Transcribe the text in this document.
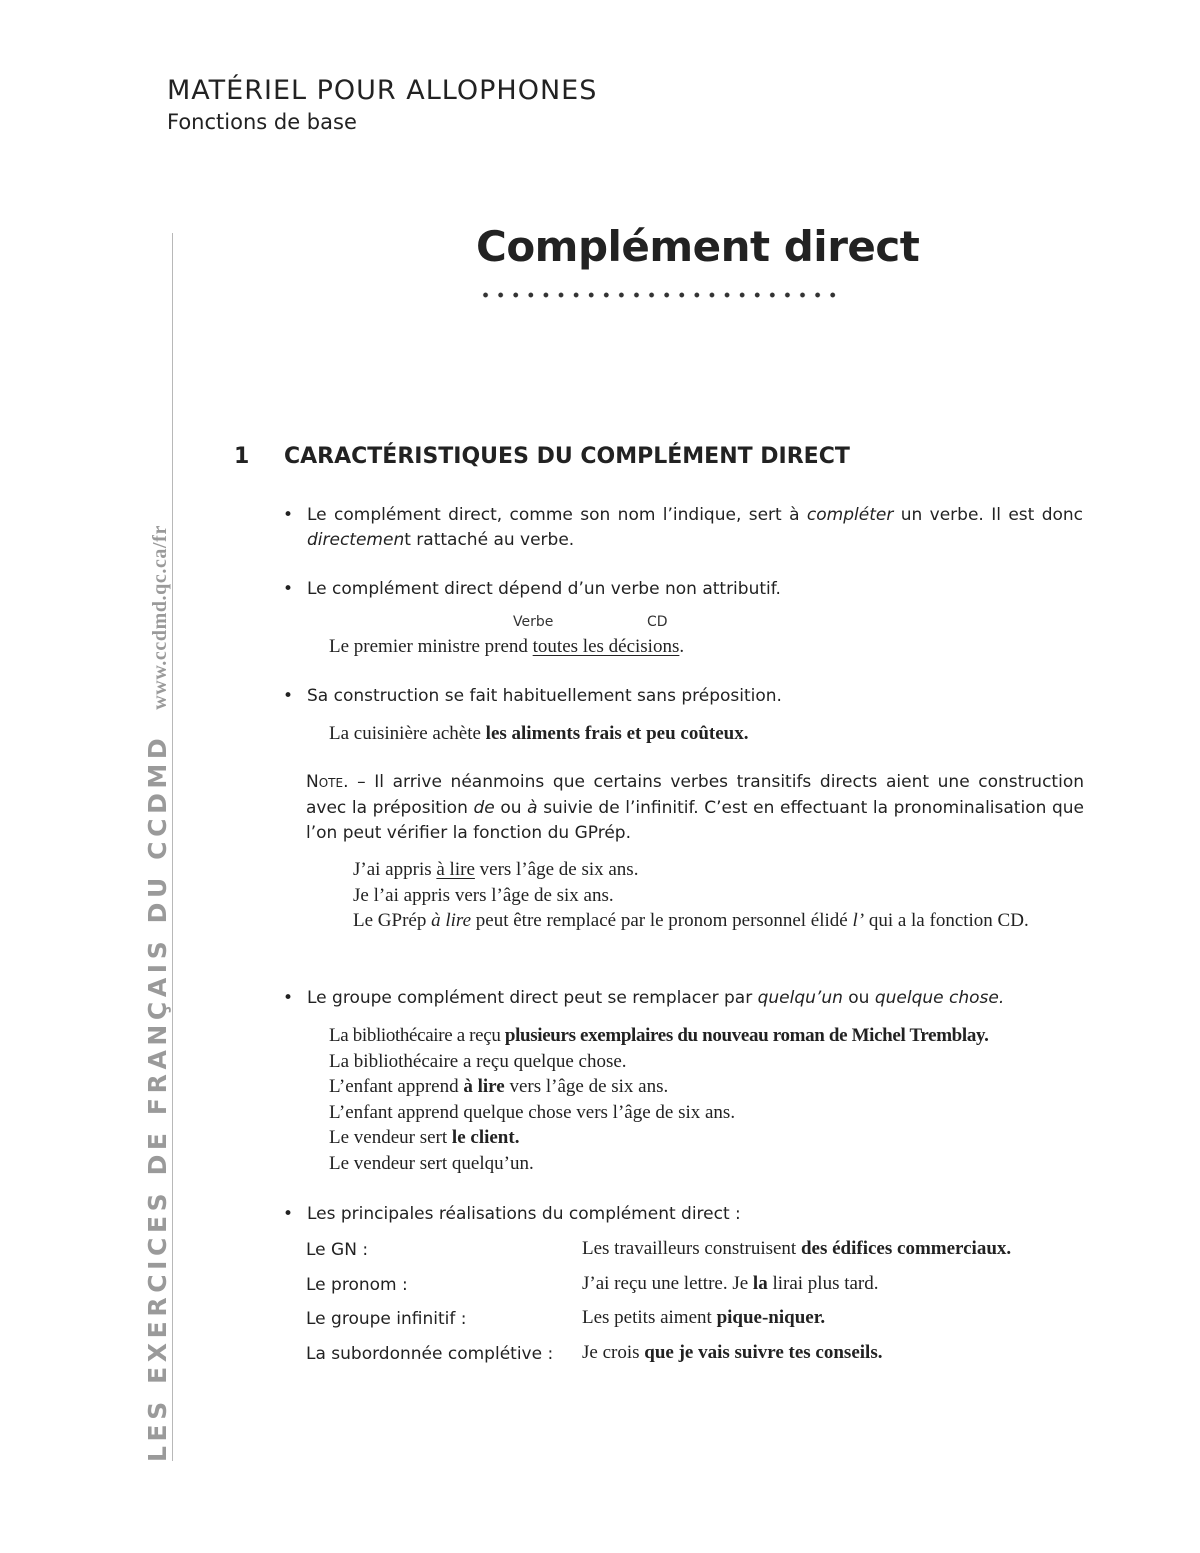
MATÉRIEL POUR ALLOPHONES
Fonctions de base
LES EXERCICES DE FRANÇAIS DU CCDMDwww.ccdmd.qc.ca/fr
Complément direct
1 CARACTÉRISTIQUES DU COMPLÉMENT DIRECT
• Le complément direct, comme son nom l’indique, sert à compléter un verbe. Il est donc directement rattaché au verbe.
• Le complément direct dépend d’un verbe non attributif.
Verbe	CD
Le premier ministre prend toutes les décisions.
• Sa construction se fait habituellement sans préposition.
La cuisinière achète les aliments frais et peu coûteux.
Note. – Il arrive néanmoins que certains verbes transitifs directs aient une construction avec la préposition de ou à suivie de l’infinitif. C’est en effectuant la pronominalisation que l’on peut vérifier la fonction du GPrép.
J’ai appris à lire vers l’âge de six ans.
Je l’ai appris vers l’âge de six ans.
Le GPrép à lire peut être remplacé par le pronom personnel élidé l’ qui a la fonction CD.
• Le groupe complément direct peut se remplacer par quelqu’un ou quelque chose.
La bibliothécaire a reçu plusieurs exemplaires du nouveau roman de Michel Tremblay.
La bibliothécaire a reçu quelque chose.
L’enfant apprend à lire vers l’âge de six ans.
L’enfant apprend quelque chose vers l’âge de six ans.
Le vendeur sert le client.
Le vendeur sert quelqu’un.
• Les principales réalisations du complément direct :
Le GN :	Les travailleurs construisent des édifices commerciaux.
Le pronom :	J’ai reçu une lettre. Je la lirai plus tard.
Le groupe infinitif :	Les petits aiment pique-niquer.
La subordonnée complétive : Je crois que je vais suivre tes conseils.
